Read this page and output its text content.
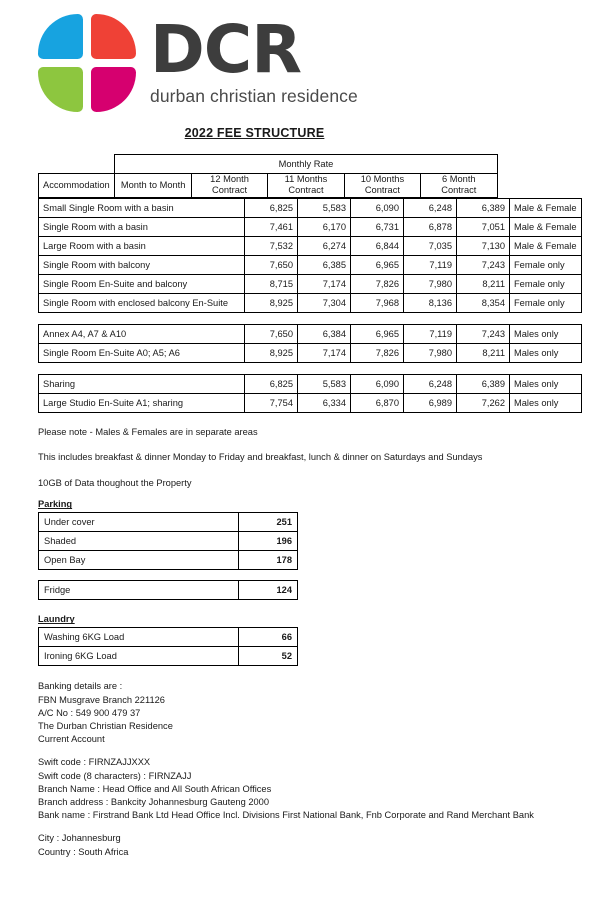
DCR
durban christian residence
2022 FEE STRUCTURE
	Monthly Rate					
Accommodation	Month to Month	12 Month Contract	11 Months Contract	10 Months Contract	6 Month Contract	
Small Single Room with a basin	6,825	5,583	6,090	6,248	6,389	Male & Female
Single Room with a basin	7,461	6,170	6,731	6,878	7,051	Male & Female
Large Room with a basin	7,532	6,274	6,844	7,035	7,130	Male & Female
Single Room with balcony	7,650	6,385	6,965	7,119	7,243	Female only
Single Room En-Suite and balcony	8,715	7,174	7,826	7,980	8,211	Female only
Single Room with enclosed balcony En-Suite	8,925	7,304	7,968	8,136	8,354	Female only
Annex A4, A7 & A10	7,650	6,384	6,965	7,119	7,243	Males only
Single Room En-Suite A0; A5; A6	8,925	7,174	7,826	7,980	8,211	Males only
Sharing	6,825	5,583	6,090	6,248	6,389	Males only
Large Studio En-Suite A1; sharing	7,754	6,334	6,870	6,989	7,262	Males only
Please note - Males & Females are in separate areas
This includes breakfast & dinner Monday to Friday and breakfast, lunch & dinner on Saturdays and Sundays
10GB of Data thoughout the Property
Parking
Under cover	251
Shaded	196
Open Bay	178
Fridge	124
Laundry
Washing 6KG Load	66
Ironing 6KG Load	52
Banking details are :
FBN Musgrave Branch 221126
A/C No : 549 900 479 37
The Durban Christian Residence
Current Account
Swift code : FIRNZAJJXXX
Swift code (8 characters) : FIRNZAJJ
Branch Name : Head Office and All South African Offices
Branch address : Bankcity Johannesburg Gauteng 2000
Bank name : Firstrand Bank Ltd Head Office Incl. Divisions First National Bank, Fnb Corporate and Rand Merchant Bank
City : Johannesburg
Country : South Africa
